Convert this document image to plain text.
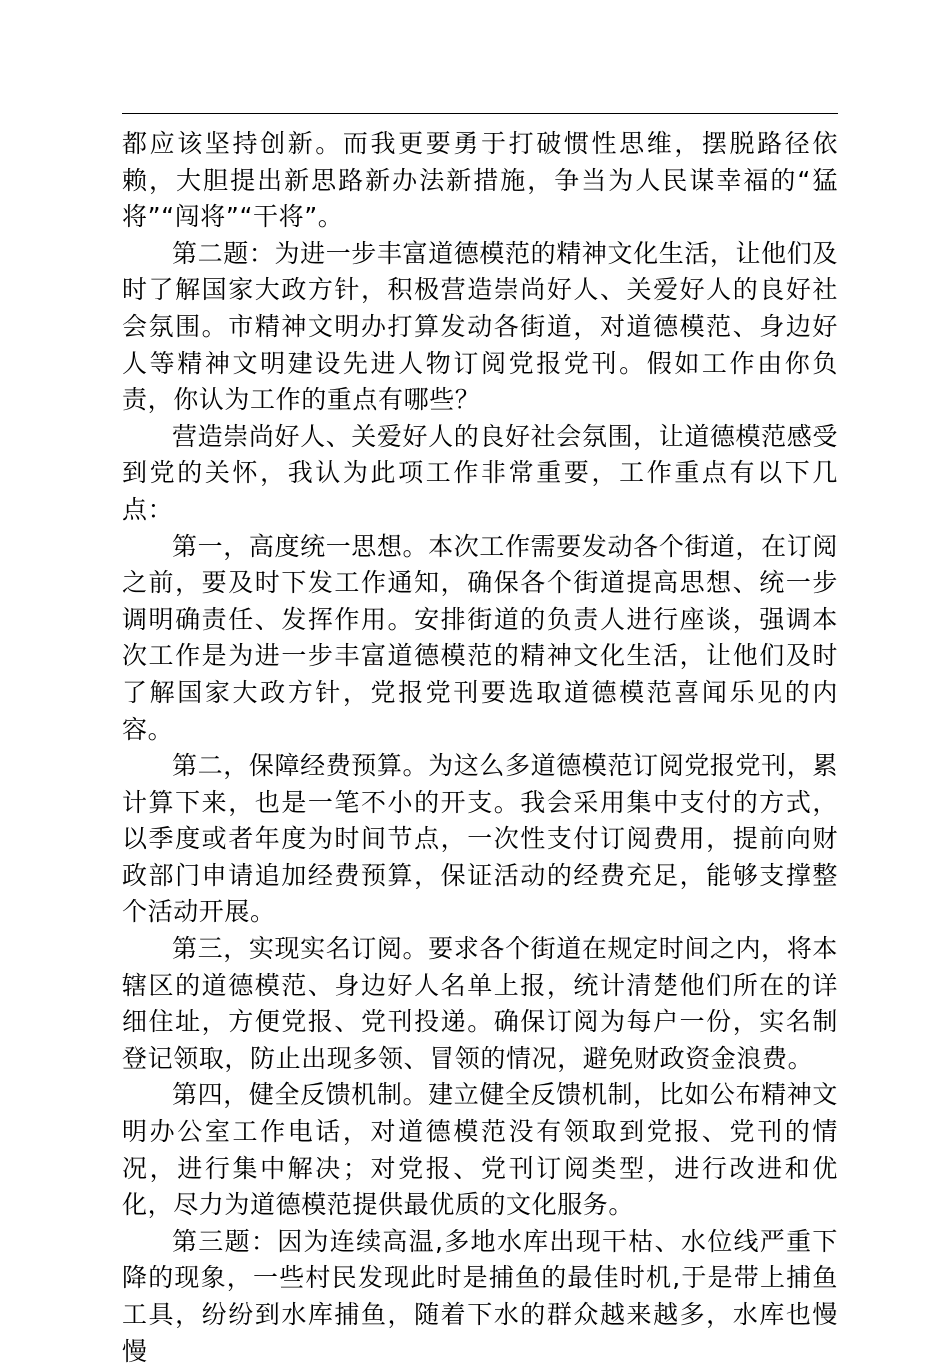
都应该坚持创新。而我更要勇于打破惯性思维，摆脱路径依赖，大胆提出新思路新办法新措施，争当为人民谋幸福的“猛将”“闯将”“干将”。

第二题：为进一步丰富道德模范的精神文化生活，让他们及时了解国家大政方针，积极营造崇尚好人、关爱好人的良好社会氛围。市精神文明办打算发动各街道，对道德模范、身边好人等精神文明建设先进人物订阅党报党刊。假如工作由你负责，你认为工作的重点有哪些？

营造崇尚好人、关爱好人的良好社会氛围，让道德模范感受到党的关怀，我认为此项工作非常重要，工作重点有以下几点：

第一，高度统一思想。本次工作需要发动各个街道，在订阅之前，要及时下发工作通知，确保各个街道提高思想、统一步调明确责任、发挥作用。安排街道的负责人进行座谈，强调本次工作是为进一步丰富道德模范的精神文化生活，让他们及时了解国家大政方针，党报党刊要选取道德模范喜闻乐见的内容。

第二，保障经费预算。为这么多道德模范订阅党报党刊，累计算下来，也是一笔不小的开支。我会采用集中支付的方式，以季度或者年度为时间节点，一次性支付订阅费用，提前向财政部门申请追加经费预算，保证活动的经费充足，能够支撑整个活动开展。

第三，实现实名订阅。要求各个街道在规定时间之内，将本辖区的道德模范、身边好人名单上报，统计清楚他们所在的详细住址，方便党报、党刊投递。确保订阅为每户一份，实名制登记领取，防止出现多领、冒领的情况，避免财政资金浪费。

第四，健全反馈机制。建立健全反馈机制，比如公布精神文明办公室工作电话，对道德模范没有领取到党报、党刊的情况，进行集中解决；对党报、党刊订阅类型，进行改进和优化，尽力为道德模范提供最优质的文化服务。

第三题：因为连续高温,多地水库出现干枯、水位线严重下降的现象，一些村民发现此时是捕鱼的最佳时机,于是带上捕鱼工具，纷纷到水库捕鱼，随着下水的群众越来越多，水库也慢慢
